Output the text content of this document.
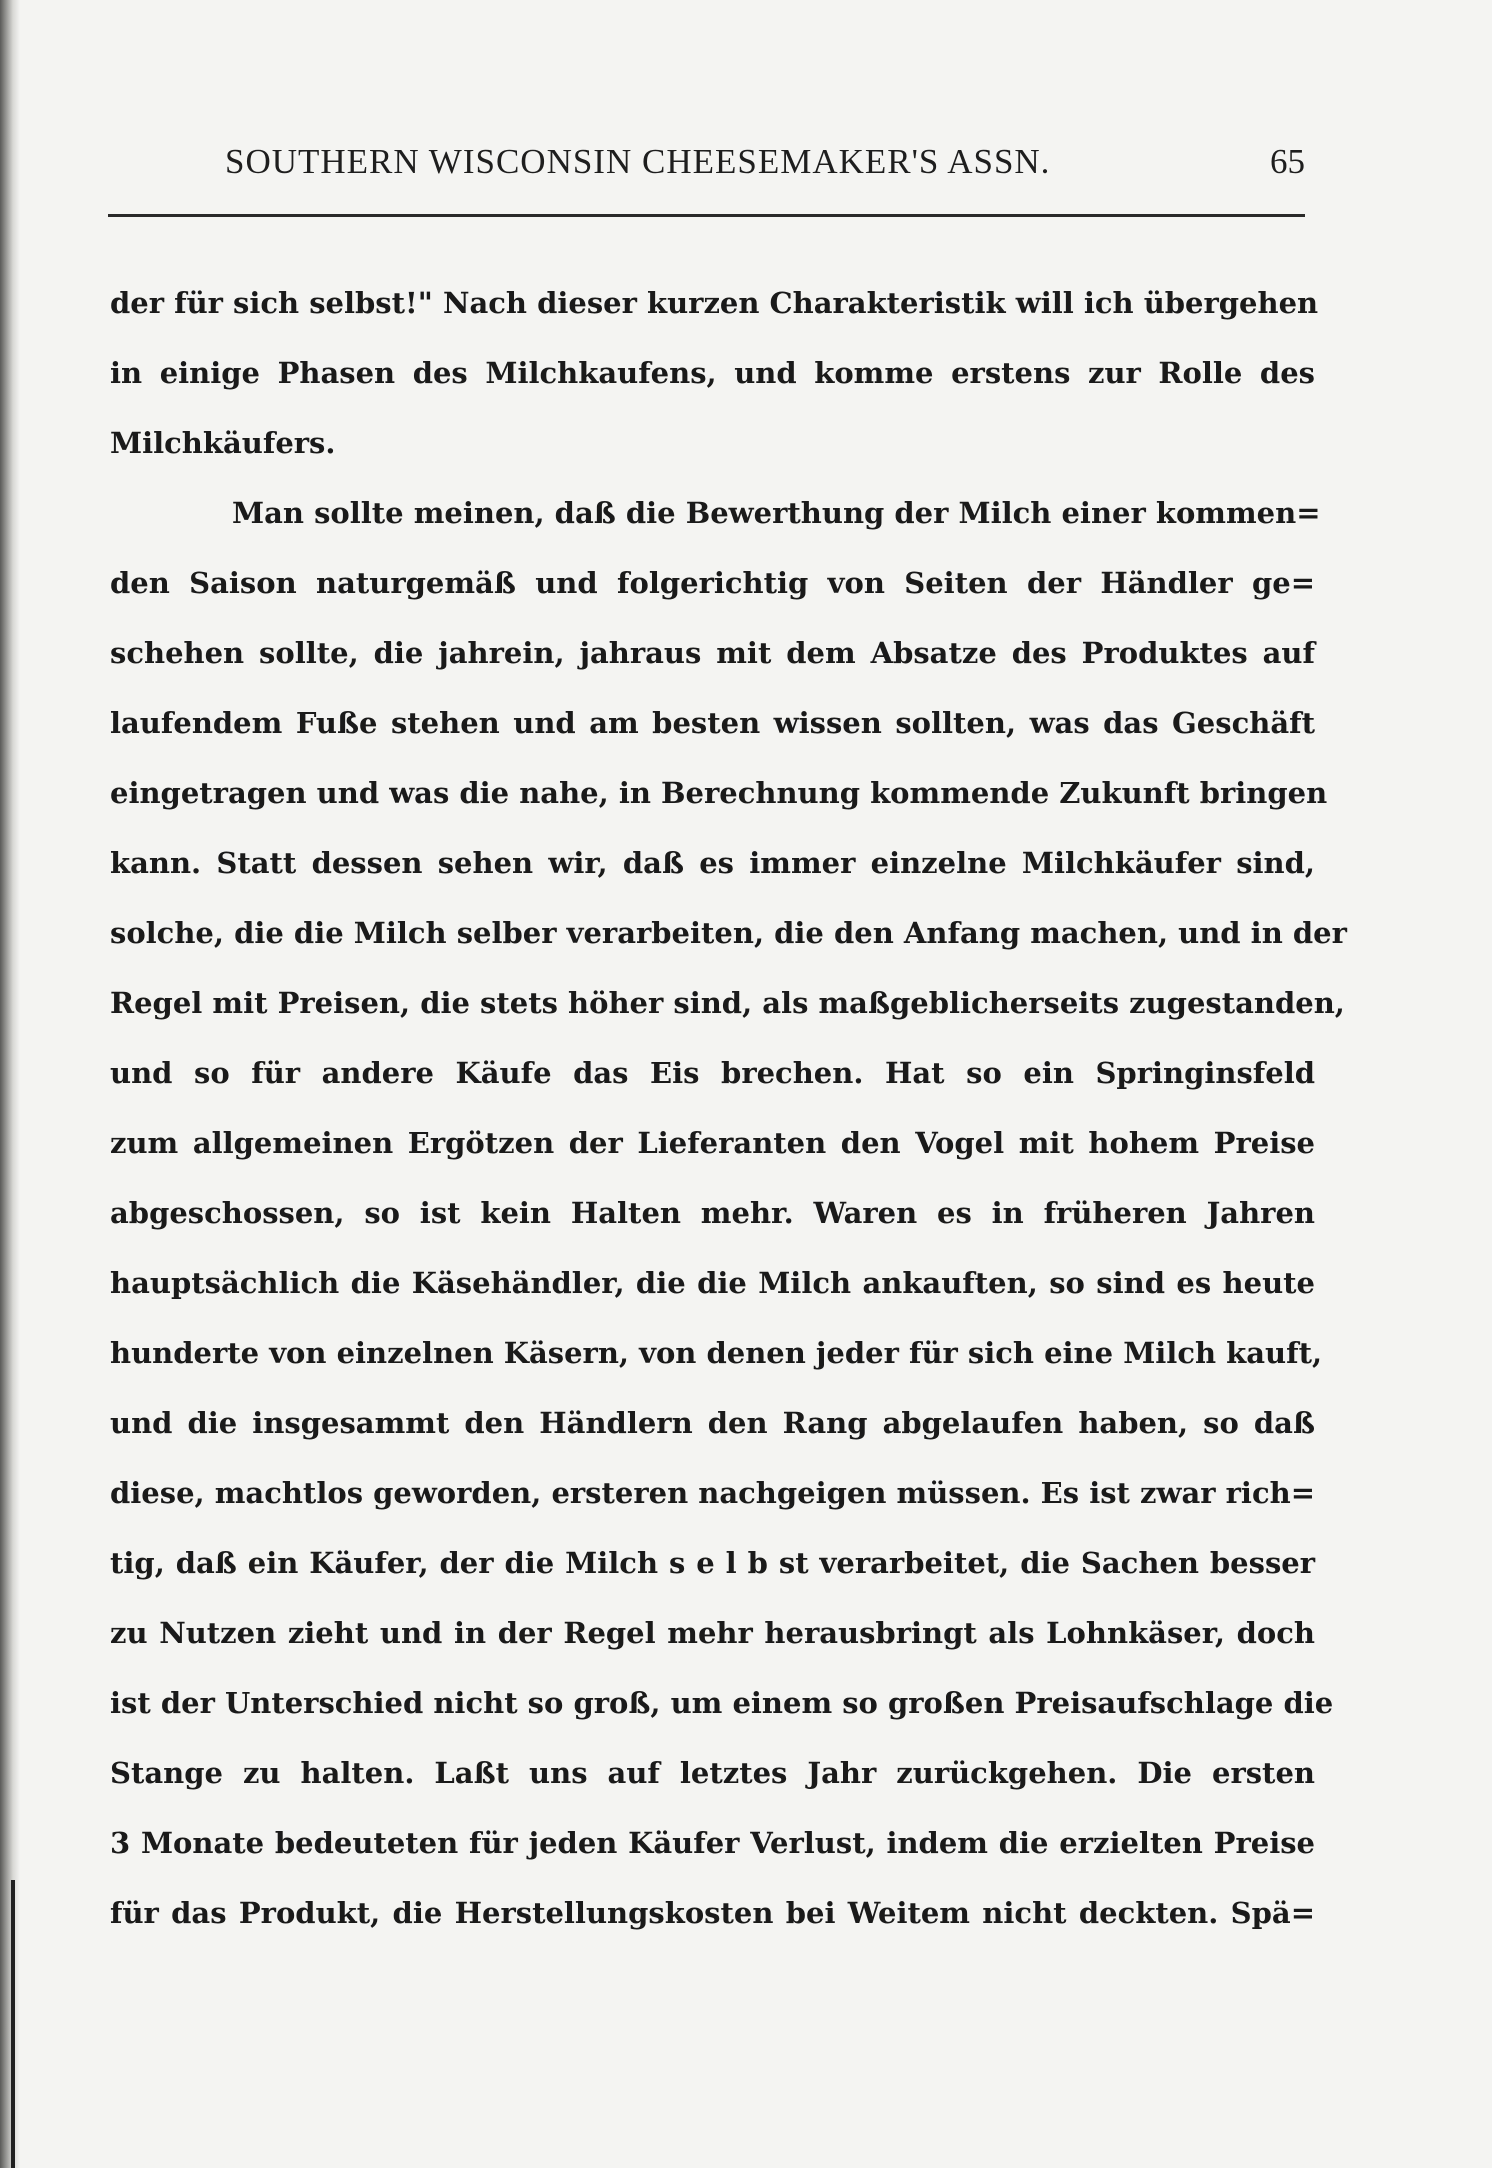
SOUTHERN WISCONSIN CHEESEMAKER'S ASSN.	65
der für sich selbst!" Nach dieser kurzen Charakteristik will ich übergehen
in einige Phasen des Milchkaufens, und komme erstens zur Rolle des
Milchkäufers.
Man sollte meinen, daß die Bewerthung der Milch einer kommen=
den Saison naturgemäß und folgerichtig von Seiten der Händler ge=
schehen sollte, die jahrein, jahraus mit dem Absatze des Produktes auf
laufendem Fuße stehen und am besten wissen sollten, was das Geschäft
eingetragen und was die nahe, in Berechnung kommende Zukunft bringen
kann. Statt dessen sehen wir, daß es immer einzelne Milchkäufer sind,
solche, die die Milch selber verarbeiten, die den Anfang machen, und in der
Regel mit Preisen, die stets höher sind, als maßgeblicherseits zugestanden,
und so für andere Käufe das Eis brechen. Hat so ein Springinsfeld
zum allgemeinen Ergötzen der Lieferanten den Vogel mit hohem Preise
abgeschossen, so ist kein Halten mehr. Waren es in früheren Jahren
hauptsächlich die Käsehändler, die die Milch ankauften, so sind es heute
hunderte von einzelnen Käsern, von denen jeder für sich eine Milch kauft,
und die insgesammt den Händlern den Rang abgelaufen haben, so daß
diese, machtlos geworden, ersteren nachgeigen müssen. Es ist zwar rich=
tig, daß ein Käufer, der die Milch s e l b st verarbeitet, die Sachen besser
zu Nutzen zieht und in der Regel mehr herausbringt als Lohnkäser, doch
ist der Unterschied nicht so groß, um einem so großen Preisaufschlage die
Stange zu halten. Laßt uns auf letztes Jahr zurückgehen. Die ersten
3 Monate bedeuteten für jeden Käufer Verlust, indem die erzielten Preise
für das Produkt, die Herstellungskosten bei Weitem nicht deckten. Spä=
